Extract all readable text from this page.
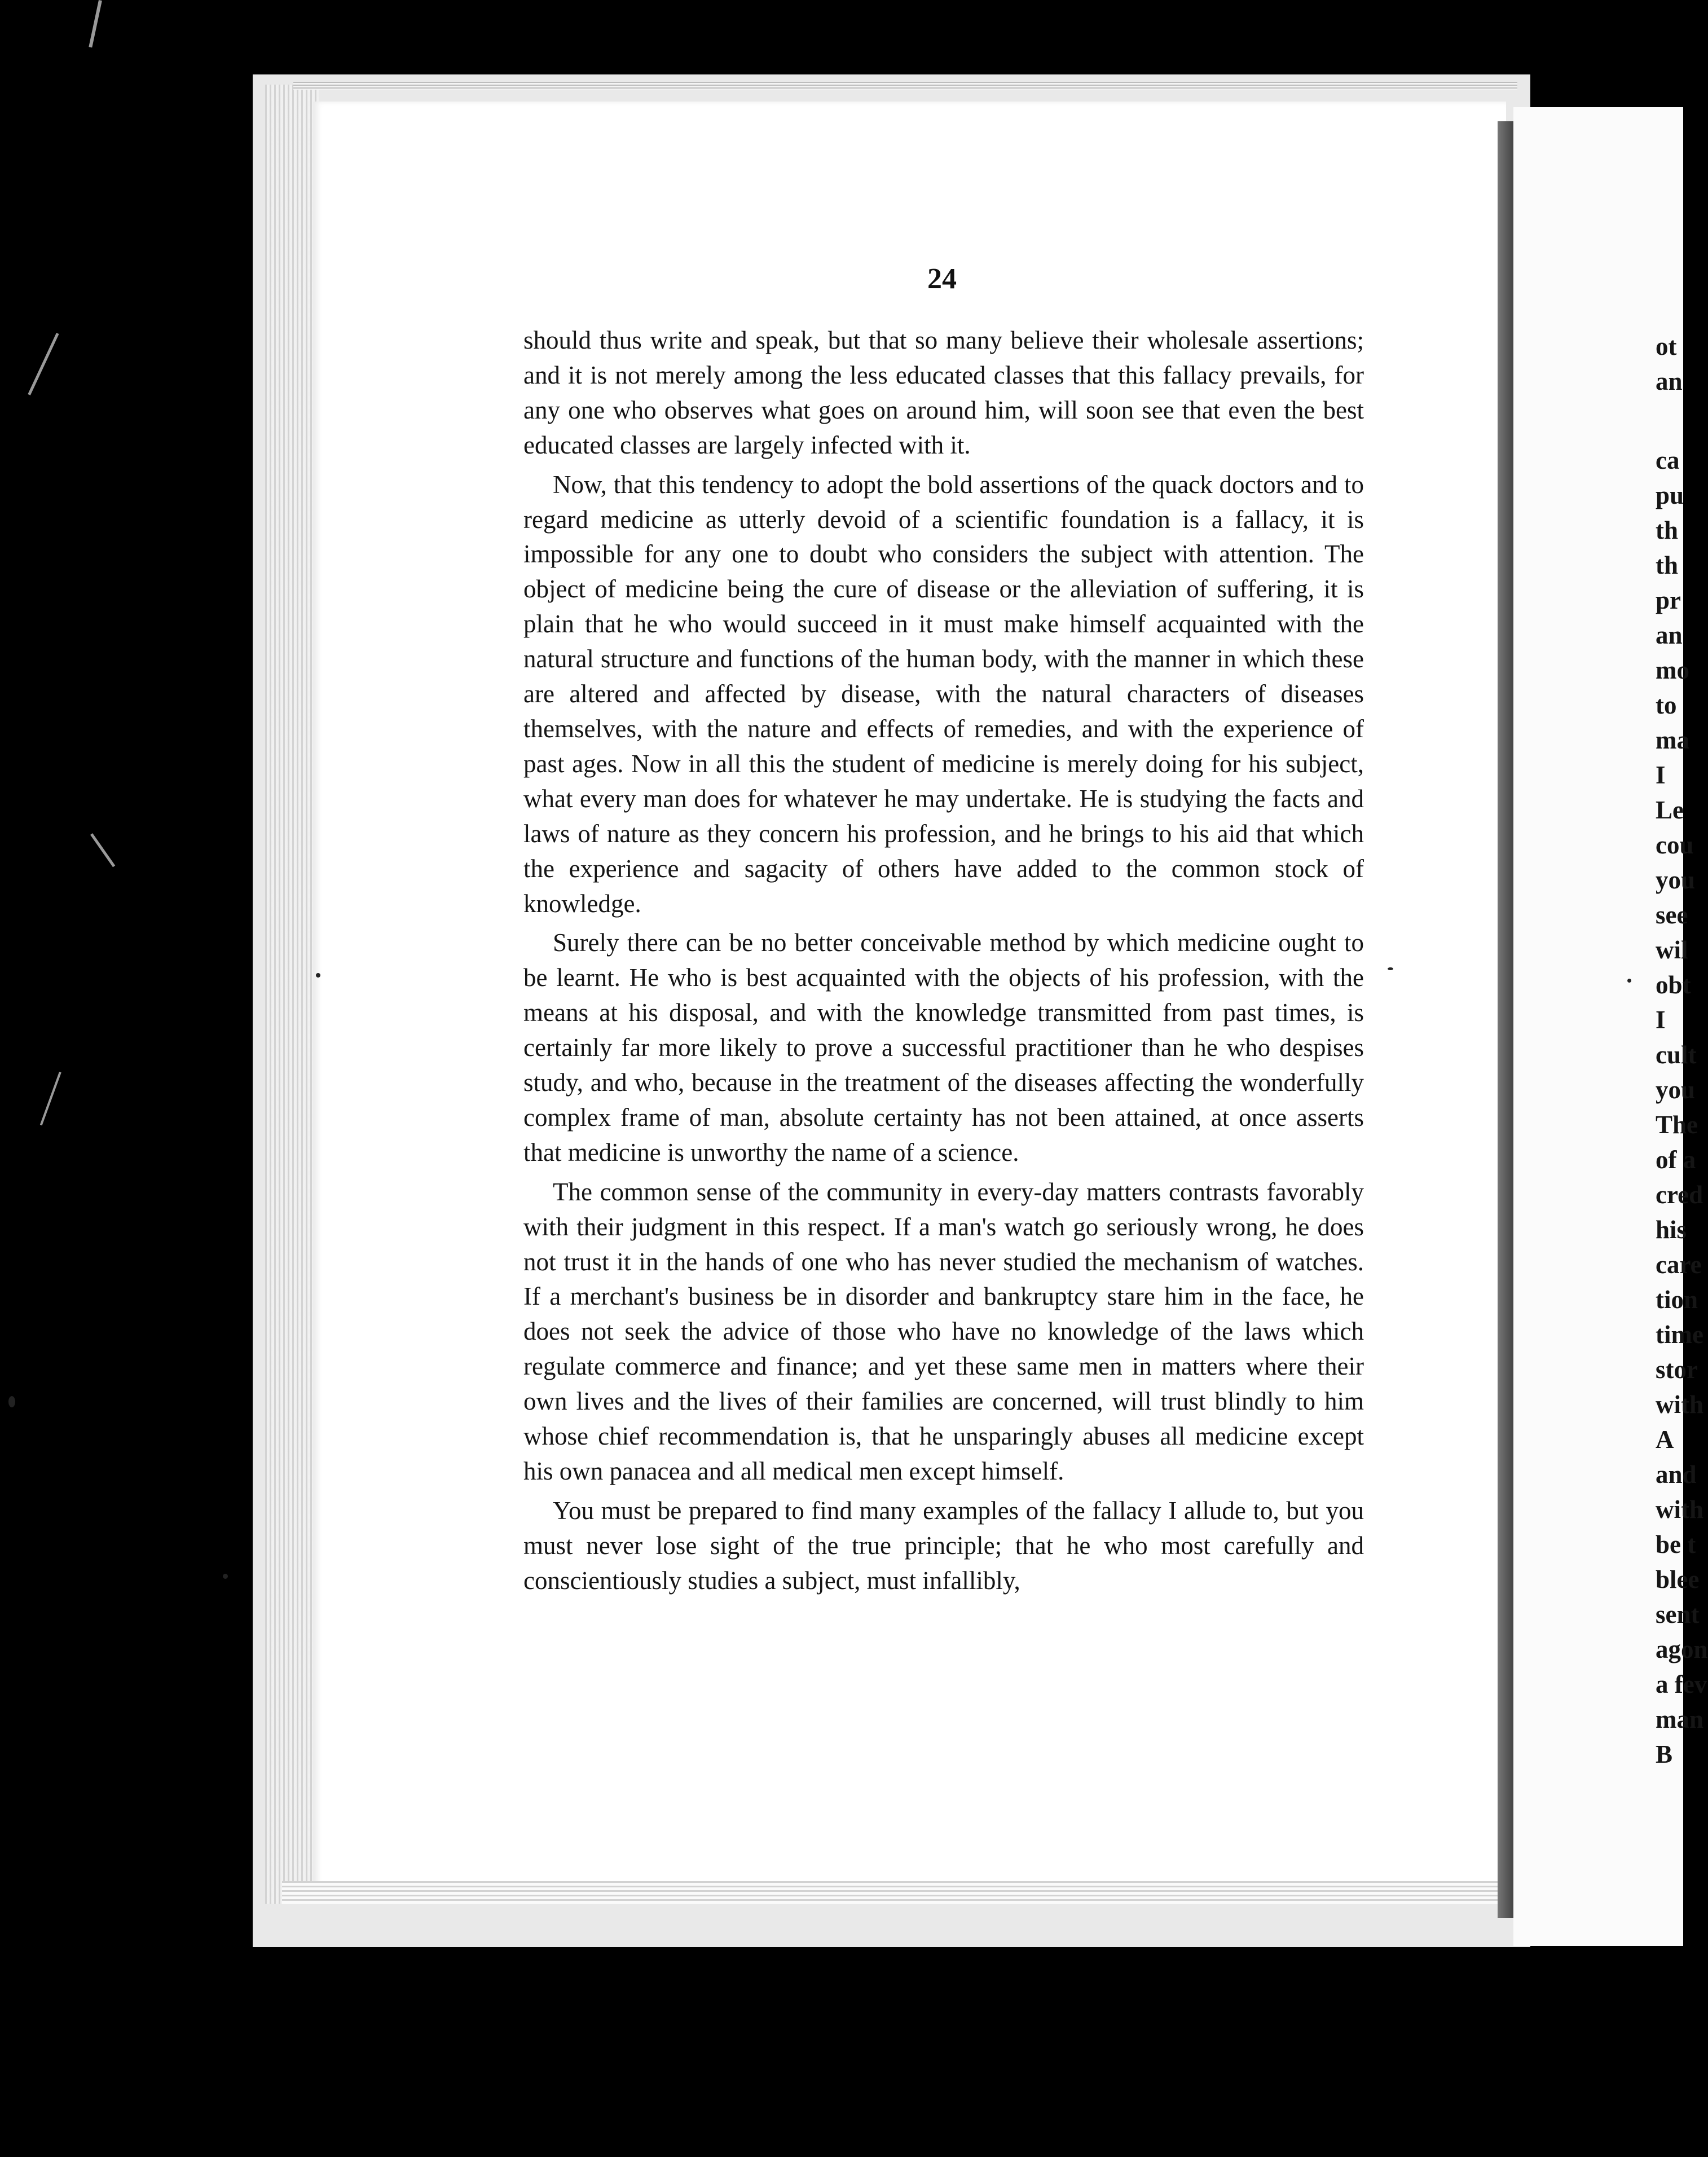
24

should thus write and speak, but that so many believe their wholesale assertions; and it is not merely among the less educated classes that this fallacy prevails, for any one who observes what goes on around him, will soon see that even the best educated classes are largely infected with it.

Now, that this tendency to adopt the bold assertions of the quack doctors and to regard medicine as utterly devoid of a scientific foundation is a fallacy, it is impossible for any one to doubt who considers the subject with attention. The object of medicine being the cure of disease or the alleviation of suffering, it is plain that he who would succeed in it must make himself acquainted with the natural structure and functions of the human body, with the manner in which these are altered and affected by disease, with the natural characters of diseases themselves, with the nature and effects of remedies, and with the experience of past ages. Now in all this the student of medicine is merely doing for his subject, what every man does for whatever he may undertake. He is studying the facts and laws of nature as they concern his profession, and he brings to his aid that which the experience and sagacity of others have added to the common stock of knowledge.

Surely there can be no better conceivable method by which medicine ought to be learnt. He who is best acquainted with the objects of his profession, with the means at his disposal, and with the knowledge transmitted from past times, is certainly far more likely to prove a successful practitioner than he who despises study, and who, because in the treatment of the diseases affecting the wonderfully complex frame of man, absolute certainty has not been attained, at once asserts that medicine is unworthy the name of a science.

The common sense of the community in every-day matters contrasts favorably with their judgment in this respect. If a man's watch go seriously wrong, he does not trust it in the hands of one who has never studied the mechanism of watches. If a merchant's business be in disorder and bankruptcy stare him in the face, he does not seek the advice of those who have no knowledge of the laws which regulate commerce and finance; and yet these same men in matters where their own lives and the lives of their families are concerned, will trust blindly to him whose chief recommendation is, that he unsparingly abuses all medicine except his own panacea and all medical men except himself.

You must be prepared to find many examples of the fallacy I allude to, but you must never lose sight of the true principle; that he who most carefully and conscientiously studies a subject, must infallibly,

ot
an
ca
pu
th
th
pr
an
mo
to
ma
I
Le
cou
you
see
wil
obt
I
cult
you
The
of a
cred
his
care
tion
time
stor
with
A
and
with
be t
blee
sent
agon
a fev
man
B
